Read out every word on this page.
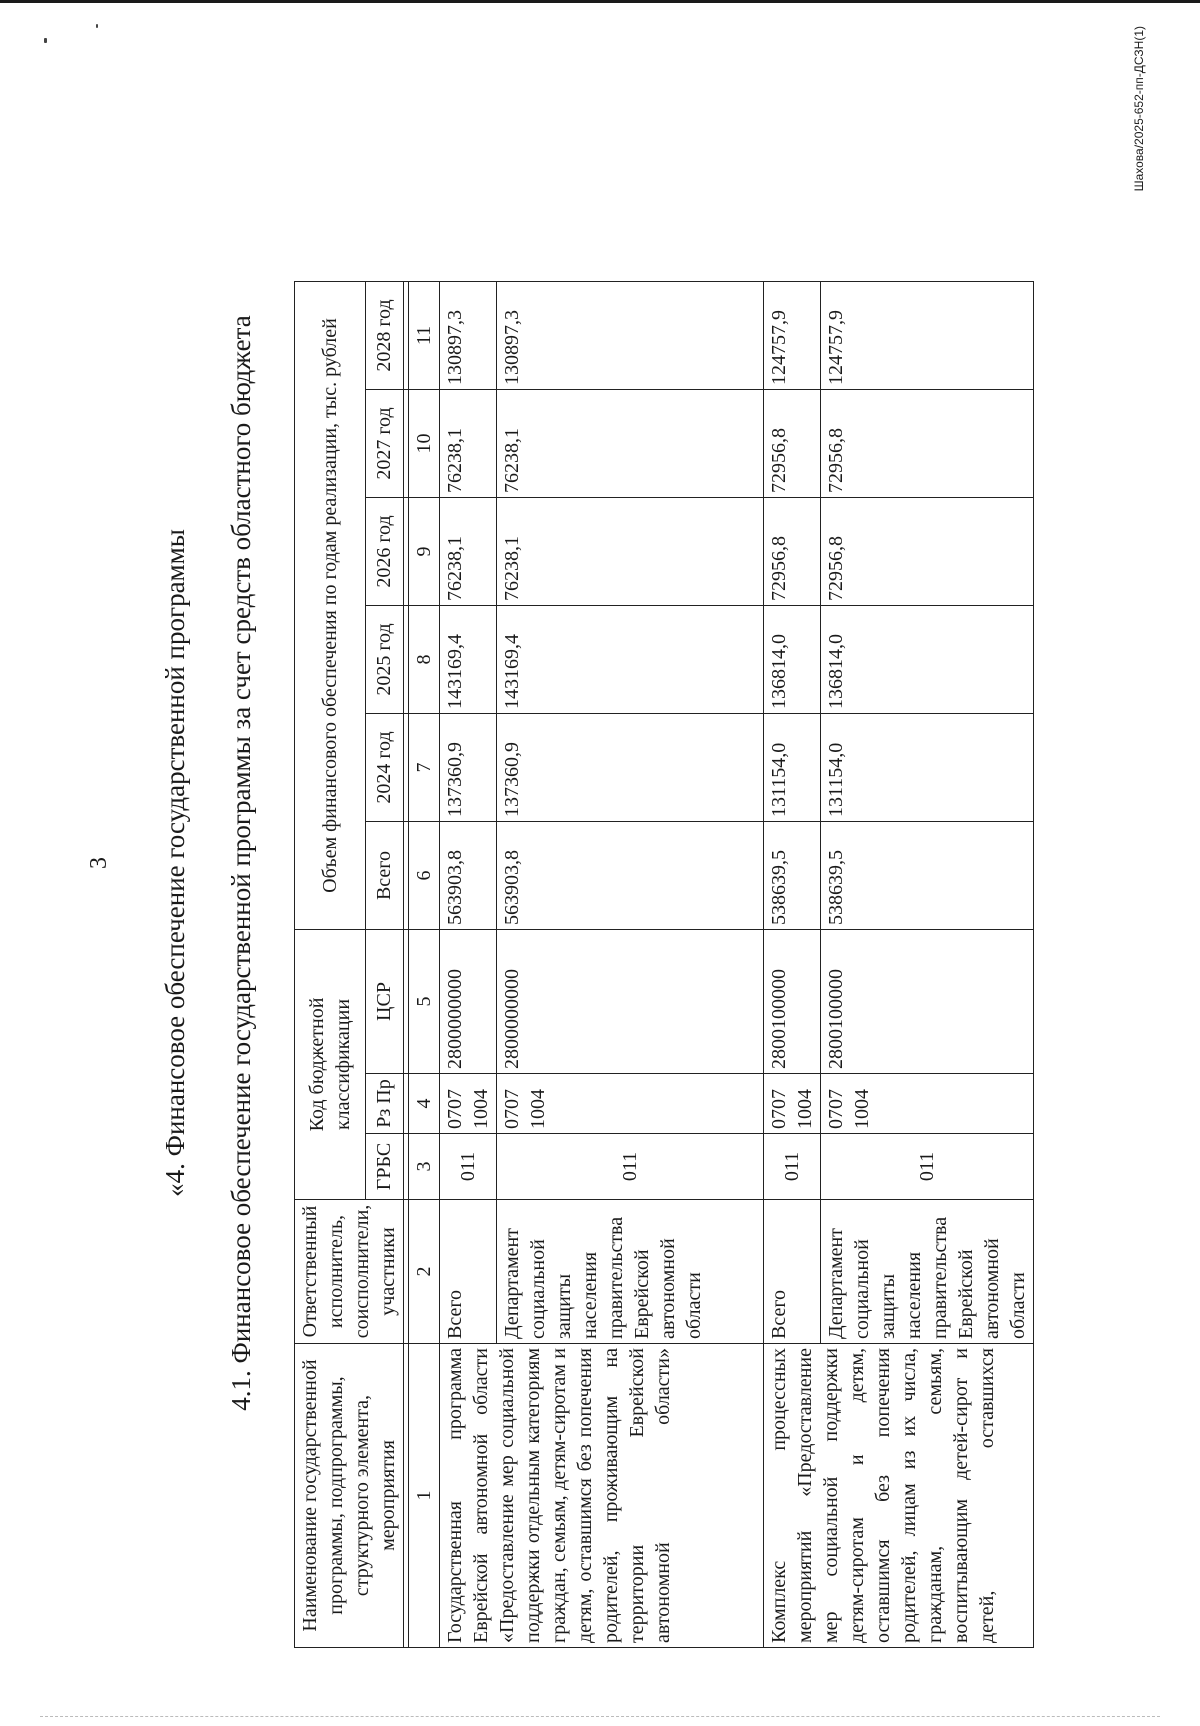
3 «4. Финансовое обеспечение государственной программы 4.1. Финансовое обеспечение государственной программы за счет средств областного бюджета
Наименование государственной программы, подпрограммы, структурного элемента, мероприятия	Ответственный исполнитель, соисполнители, участники	Код бюджетной классификации			Объем финансового обеспечения по годам реализации, тыс. рублей					
		ГРБС	Рз Пр	ЦСР	Всего	2024 год	2025 год	2026 год	2027 год	2028 год

1	2	3	4	5	6	7	8	9	10	11
Государственная программа Еврейской автономной области «Предоставление мер социальной поддержки отдельным категориям граждан, семьям, детям-сиротам и детям, оставшимся без попечения родителей, проживающим на территории Еврейской автономной области»	Всего	011	0707 1004	2800000000	563903,8	137360,9	143169,4	76238,1	76238,1	130897,3
	Департамент социальной защиты населения правительства Еврейской автономной области	011	0707 1004	2800000000	563903,8	137360,9	143169,4	76238,1	76238,1	130897,3
Комплекс процессных мероприятий «Предоставление мер социальной поддержки детям-сиротам и детям, оставшимся без попечения родителей, лицам из их числа, гражданам, семьям, воспитывающим детей-сирот и детей, оставшихся	Всего	011	0707 1004	2800100000	538639,5	131154,0	136814,0	72956,8	72956,8	124757,9
	Департамент социальной защиты населения правительства Еврейской автономной области	011	0707 1004	2800100000	538639,5	131154,0	136814,0	72956,8	72956,8	124757,9
Шахова/2025-652-пп-ДСЗН(1)
